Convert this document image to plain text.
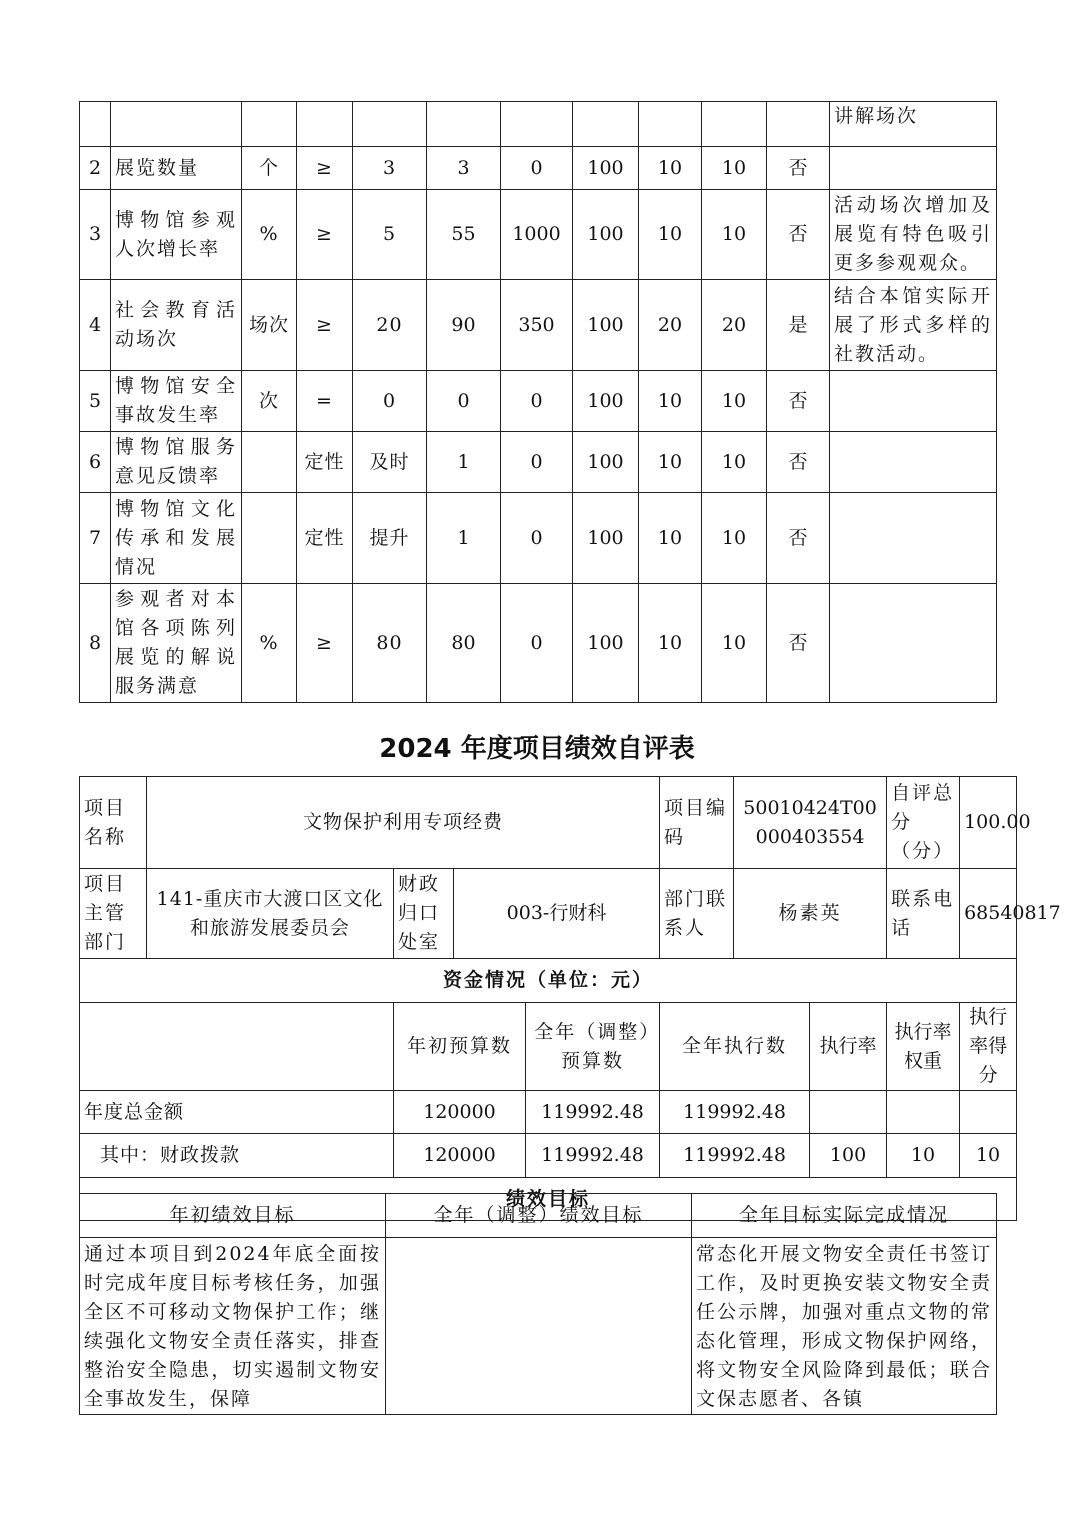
											讲解场次
2	展览数量	个	≥	3	3	0	100	10	10	否	
3	博物馆参观人次增长率	%	≥	5	55	1000	100	10	10	否	活动场次增加及展览有特色吸引更多参观观众。
4	社会教育活动场次	场次	≥	20	90	350	100	20	20	是	结合本馆实际开展了形式多样的社教活动。
5	博物馆安全事故发生率	次	=	0	0	0	100	10	10	否	
6	博物馆服务意见反馈率		定性	及时	1	0	100	10	10	否	
7	博物馆文化传承和发展情况		定性	提升	1	0	100	10	10	否	
8	参观者对本馆各项陈列展览的解说服务满意	%	≥	80	80	0	100	10	10	否	
2024 年度项目绩效自评表
项目名称	文物保护利用专项经费				项目编码	50010424T00000403554		自评总分（分）	100.00
项目主管部门	141-重庆市大渡口区文化和旅游发展委员会	财政归口处室	003-行财科		部门联系人	杨素英		联系电话	68540817
资金情况（单位：元）									
		年初预算数		全年（调整）预算数	全年执行数		执行率	执行率权重	执行率得分
年度总金额		120000		119992.48	119992.48				
其中：财政拨款		120000		119992.48	119992.48		100	10	10
绩效目标									
年初绩效目标	全年（调整）绩效目标	全年目标实际完成情况
通过本项目到2024年底全面按时完成年度目标考核任务，加强全区不可移动文物保护工作；继续强化文物安全责任落实，排查整治安全隐患，切实遏制文物安全事故发生，保障		常态化开展文物安全责任书签订工作，及时更换安装文物安全责任公示牌，加强对重点文物的常态化管理，形成文物保护网络，将文物安全风险降到最低；联合文保志愿者、各镇
